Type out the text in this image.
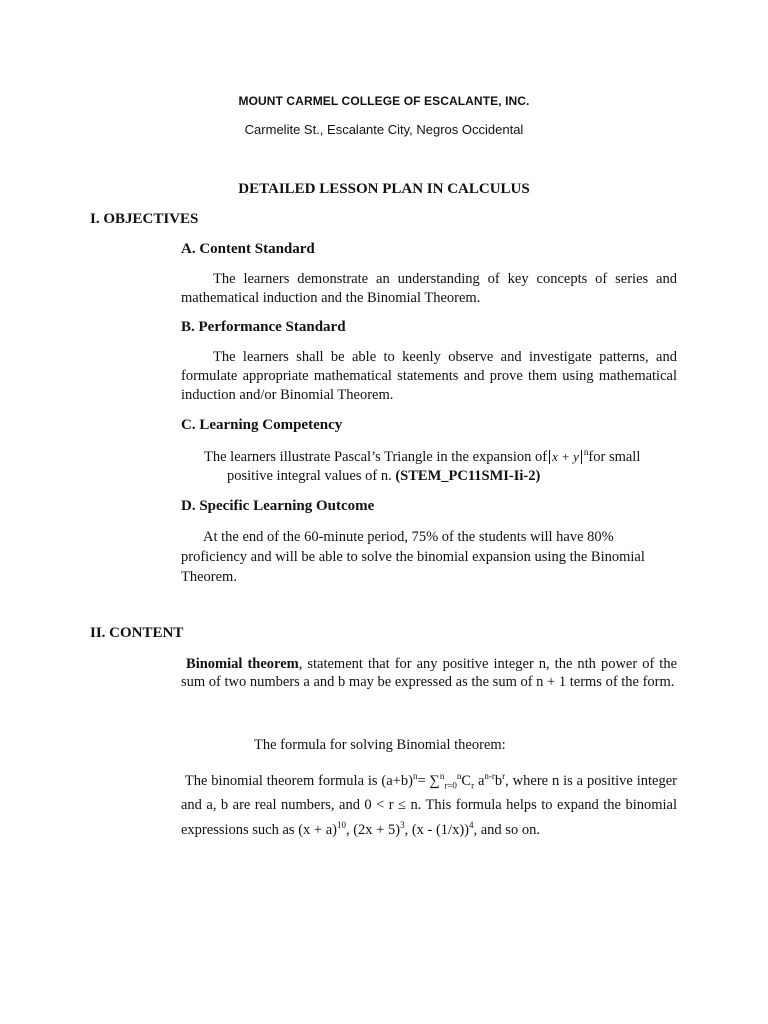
MOUNT CARMEL COLLEGE OF ESCALANTE, INC.
Carmelite St., Escalante City, Negros Occidental
DETAILED LESSON PLAN IN CALCULUS
I. OBJECTIVES
A. Content Standard
The learners demonstrate an understanding of key concepts of series and mathematical induction and the Binomial Theorem.
B. Performance Standard
The learners shall be able to keenly observe and investigate patterns, and formulate appropriate mathematical statements and prove them using mathematical induction and/or Binomial Theorem.
C. Learning Competency
The learners illustrate Pascal’s Triangle in the expansion of x + y $^n$for small
positive integral values of n. (STEM_PC11SMI-Ii-2)
D. Specific Learning Outcome
At the end of the 60-minute period, 75% of the students will have 80% proficiency and will be able to solve the binomial expansion using the Binomial Theorem.
II. CONTENT
Binomial theorem, statement that for any positive integer n, the nth power of the sum of two numbers a and b may be expressed as the sum of n + 1 terms of the form.
The formula for solving Binomial theorem:
The binomial theorem formula is $(a+b)^n= \sum^n_{r=0}^nC_r$ $a^{n-r}b^r$, where n is a positive integer and a, b are real numbers, and 0 < r ≤ n. This formula helps to expand the binomial expressions such as $(x + a)^{10}$, $(2x + 5)^3$, (x - (1/x))$^4$, and so on.
